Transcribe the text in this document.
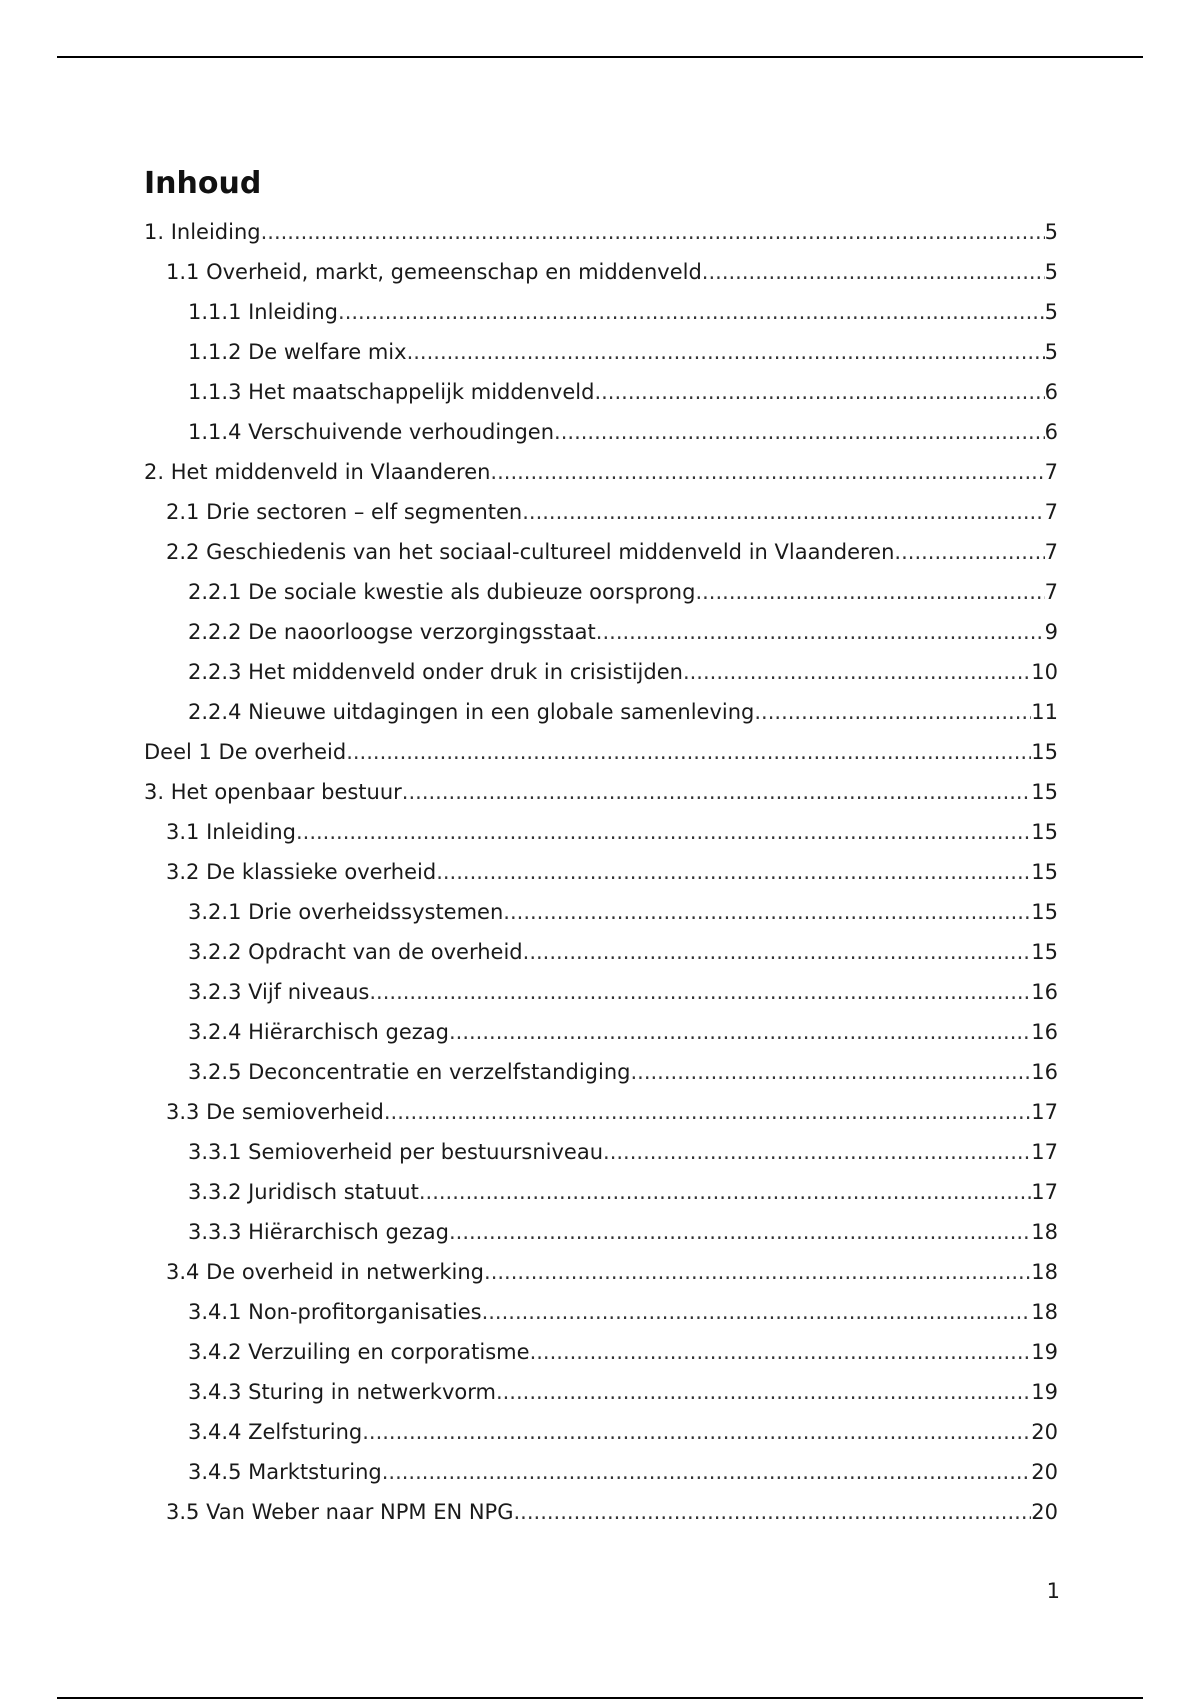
Inhoud
1. Inleiding .....	5
1.1 Overheid, markt, gemeenschap en middenveld .....	5
1.1.1 Inleiding .....	5
1.1.2 De welfare mix .....	5
1.1.3 Het maatschappelijk middenveld .....	6
1.1.4 Verschuivende verhoudingen .....	6
2. Het middenveld in Vlaanderen .....	7
2.1 Drie sectoren – elf segmenten .....	7
2.2 Geschiedenis van het sociaal-cultureel middenveld in Vlaanderen .....	7
2.2.1 De sociale kwestie als dubieuze oorsprong .....	7
2.2.2 De naoorloogse verzorgingsstaat .....	9
2.2.3 Het middenveld onder druk in crisistijden .....	10
2.2.4 Nieuwe uitdagingen in een globale samenleving .....	11
Deel 1 De overheid .....	15
3. Het openbaar bestuur .....	15
3.1 Inleiding .....	15
3.2 De klassieke overheid .....	15
3.2.1 Drie overheidssystemen .....	15
3.2.2 Opdracht van de overheid .....	15
3.2.3 Vijf niveaus .....	16
3.2.4 Hiërarchisch gezag .....	16
3.2.5 Deconcentratie en verzelfstandiging .....	16
3.3 De semioverheid .....	17
3.3.1 Semioverheid per bestuursniveau .....	17
3.3.2 Juridisch statuut .....	17
3.3.3 Hiërarchisch gezag .....	18
3.4 De overheid in netwerking .....	18
3.4.1 Non-profitorganisaties .....	18
3.4.2 Verzuiling en corporatisme .....	19
3.4.3 Sturing in netwerkvorm .....	19
3.4.4 Zelfsturing .....	20
3.4.5 Marktsturing .....	20
3.5 Van Weber naar NPM EN NPG .....	20
1
